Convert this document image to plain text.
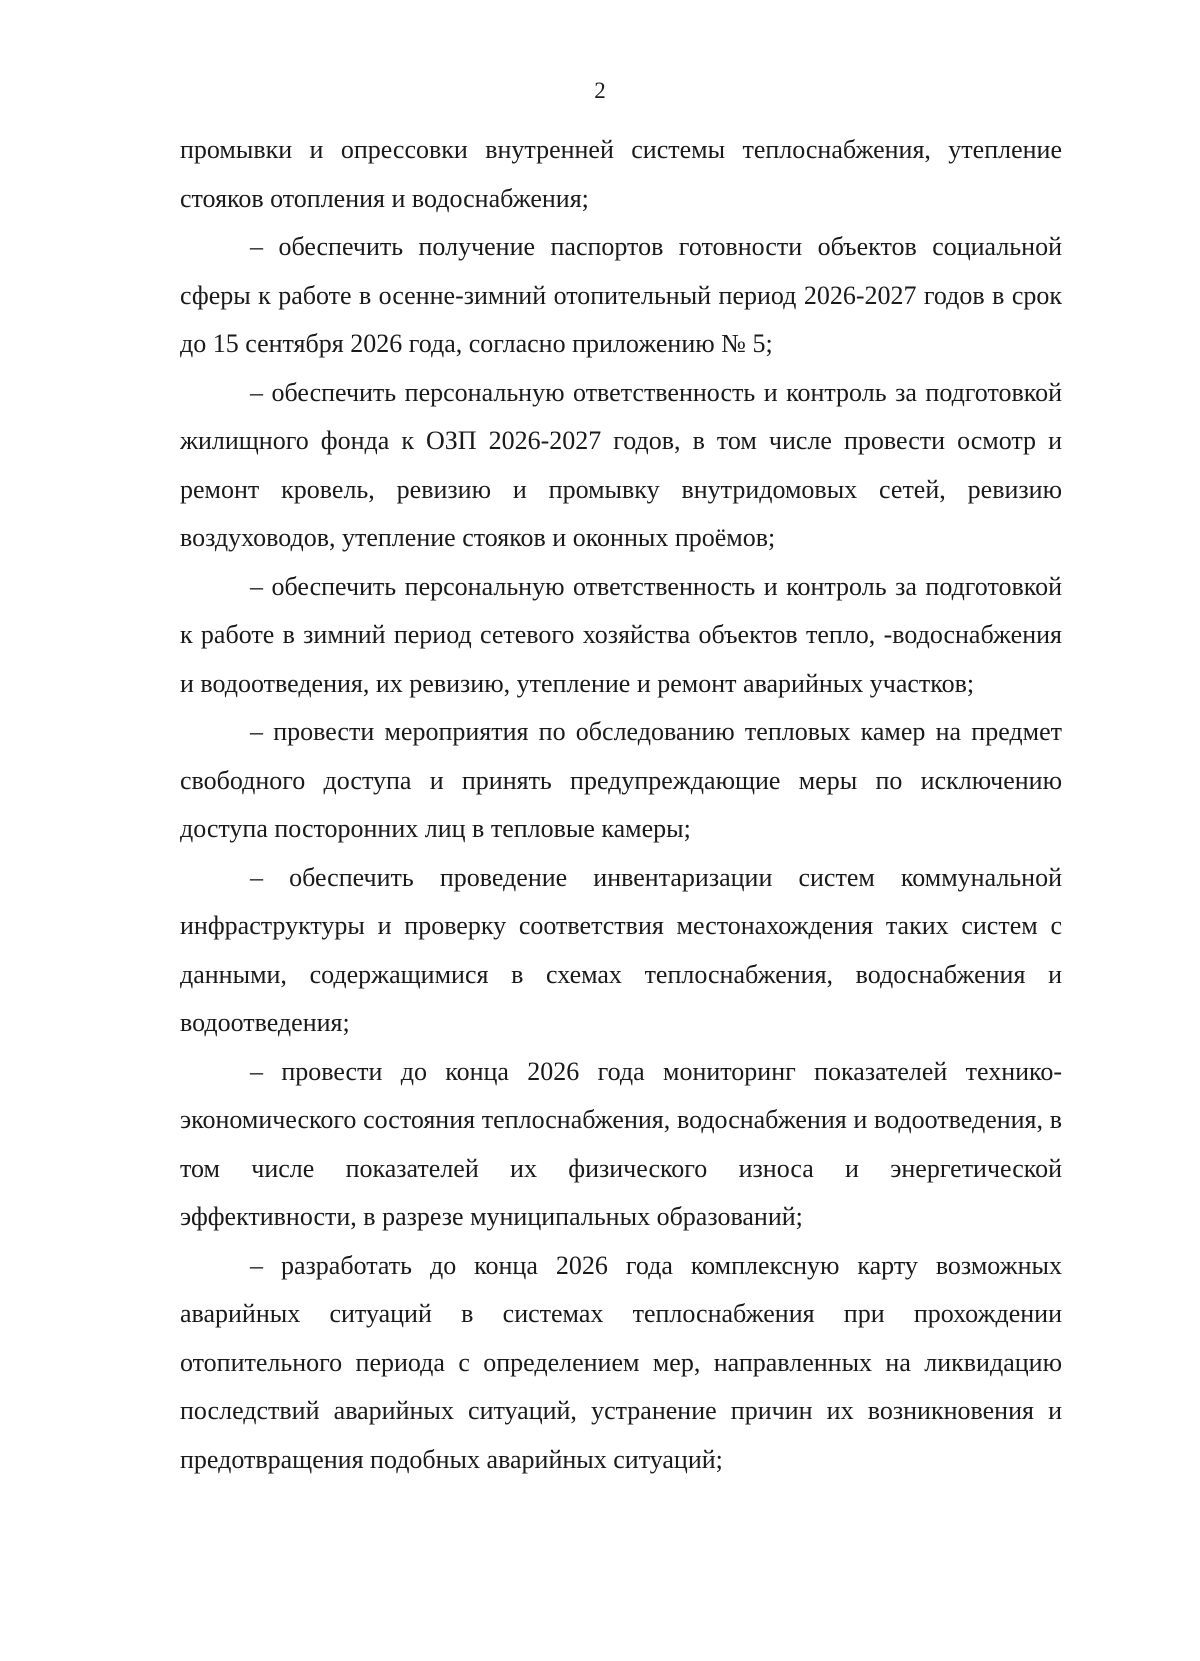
2

промывки и опрессовки внутренней системы теплоснабжения, утепление стояков отопления и водоснабжения;

– обеспечить получение паспортов готовности объектов социальной сферы к работе в осенне-зимний отопительный период 2026-2027 годов в срок до 15 сентября 2026 года, согласно приложению № 5;

– обеспечить персональную ответственность и контроль за подготовкой жилищного фонда к ОЗП 2026-2027 годов, в том числе провести осмотр и ремонт кровель, ревизию и промывку внутридомовых сетей, ревизию воздуховодов, утепление стояков и оконных проёмов;

– обеспечить персональную ответственность и контроль за подготовкой к работе в зимний период сетевого хозяйства объектов тепло, -водоснабжения и водоотведения, их ревизию, утепление и ремонт аварийных участков;

– провести мероприятия по обследованию тепловых камер на предмет свободного доступа и принять предупреждающие меры по исключению доступа посторонних лиц в тепловые камеры;

– обеспечить проведение инвентаризации систем коммунальной инфраструктуры и проверку соответствия местонахождения таких систем с данными, содержащимися в схемах теплоснабжения, водоснабжения и водоотведения;

– провести до конца 2026 года мониторинг показателей технико-экономического состояния теплоснабжения, водоснабжения и водоотведения, в том числе показателей их физического износа и энергетической эффективности, в разрезе муниципальных образований;

– разработать до конца 2026 года комплексную карту возможных аварийных ситуаций в системах теплоснабжения при прохождении отопительного периода с определением мер, направленных на ликвидацию последствий аварийных ситуаций, устранение причин их возникновения и предотвращения подобных аварийных ситуаций;
